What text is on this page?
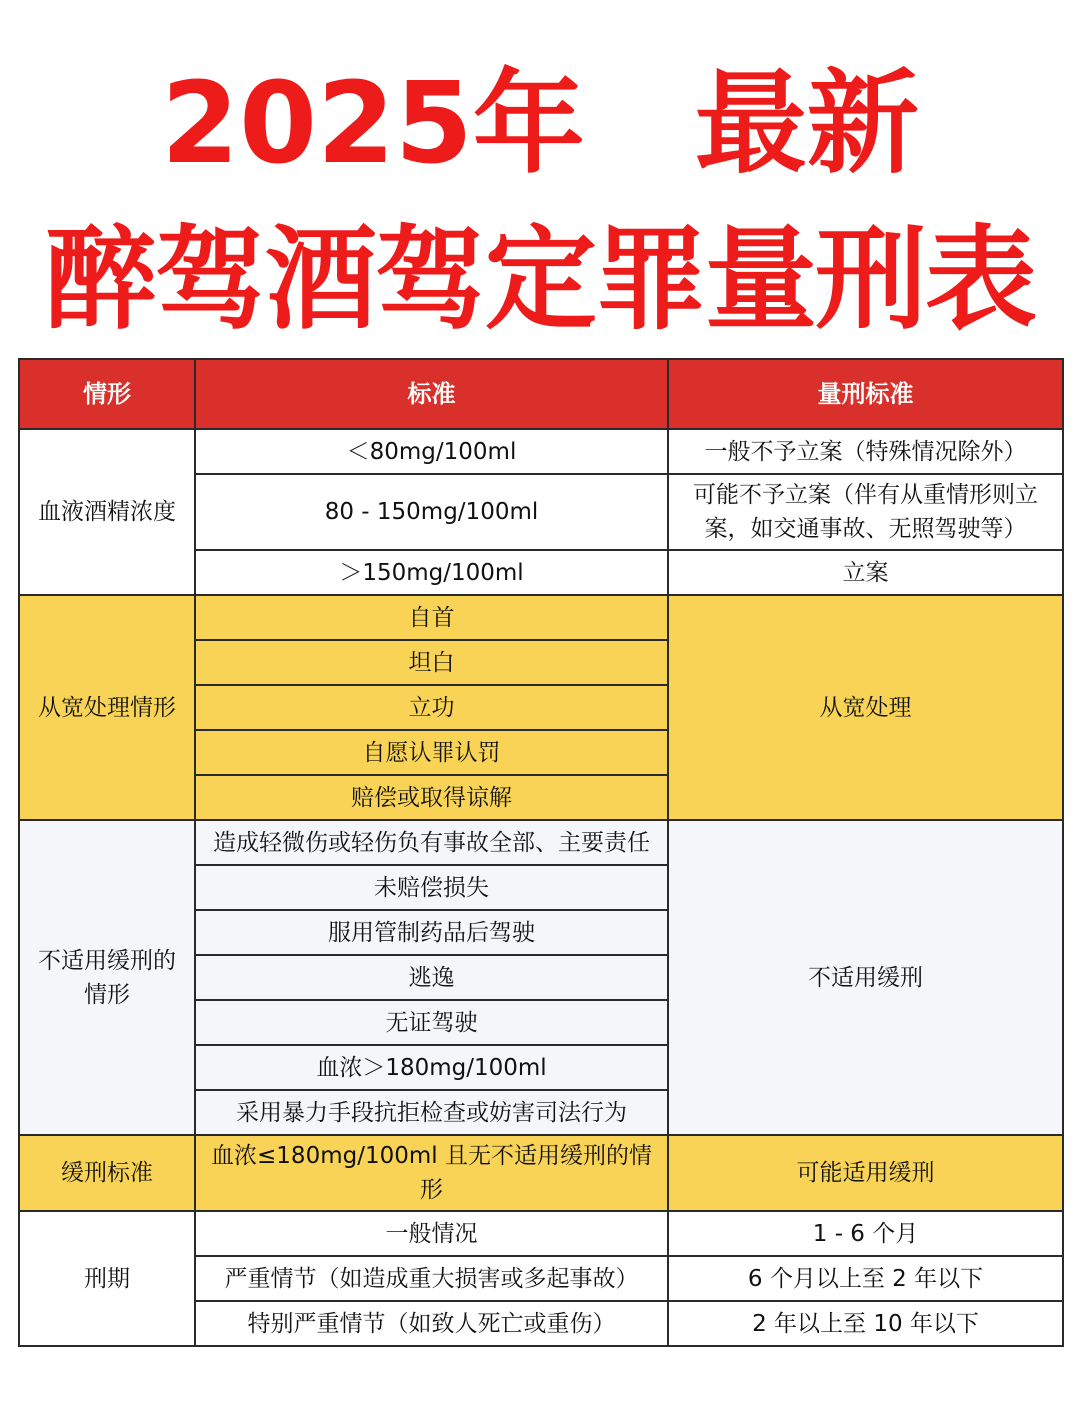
2025年 最新
醉驾酒驾定罪量刑表
情形	标准	量刑标准
血液酒精浓度	＜80mg/100ml	一般不予立案（特殊情况除外）
	80 - 150mg/100ml	可能不予立案（伴有从重情形则立案，如交通事故、无照驾驶等）
	＞150mg/100ml	立案
从宽处理情形	自首	从宽处理
	坦白	
	立功	
	自愿认罪认罚	
	赔偿或取得谅解	
不适用缓刑的情形	造成轻微伤或轻伤负有事故全部、主要责任	不适用缓刑
	未赔偿损失	
	服用管制药品后驾驶	
	逃逸	
	无证驾驶	
	血浓＞180mg/100ml	
	采用暴力手段抗拒检查或妨害司法行为	
缓刑标准	血浓≤180mg/100ml 且无不适用缓刑的情形	可能适用缓刑
刑期	一般情况	1 - 6 个月
	严重情节（如造成重大损害或多起事故）	6 个月以上至 2 年以下
	特别严重情节（如致人死亡或重伤）	2 年以上至 10 年以下
